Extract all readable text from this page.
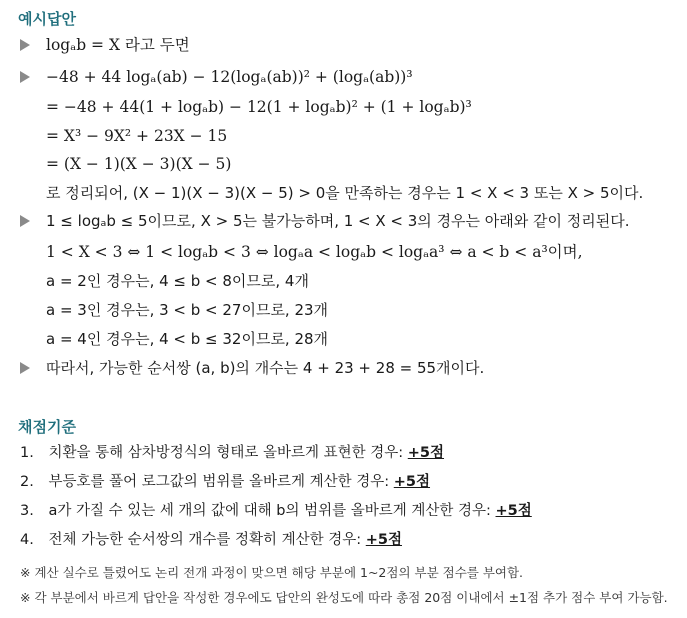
예시답안
logₐb = X 라고 두면
−48 + 44 logₐ(ab) − 12(logₐ(ab))² + (logₐ(ab))³
= −48 + 44(1 + logₐb) − 12(1 + logₐb)² + (1 + logₐb)³
= X³ − 9X² + 23X − 15
= (X − 1)(X − 3)(X − 5)
로 정리되어, (X − 1)(X − 3)(X − 5) > 0을 만족하는 경우는 1 < X < 3 또는 X > 5이다.
1 ≤ logₐb ≤ 5이므로, X > 5는 불가능하며, 1 < X < 3의 경우는 아래와 같이 정리된다.
1 < X < 3 ⇔ 1 < logₐb < 3 ⇔ logₐa < logₐb < logₐa³ ⇔ a < b < a³이며,
a = 2인 경우는, 4 ≤ b < 8이므로, 4개
a = 3인 경우는, 3 < b < 27이므로, 23개
a = 4인 경우는, 4 < b ≤ 32이므로, 28개
따라서, 가능한 순서쌍 (a, b)의 개수는 4 + 23 + 28 = 55개이다.
채점기준
1. 치환을 통해 삼차방정식의 형태로 올바르게 표현한 경우: +5점
2. 부등호를 풀어 로그값의 범위를 올바르게 계산한 경우: +5점
3. a가 가질 수 있는 세 개의 값에 대해 b의 범위를 올바르게 계산한 경우: +5점
4. 전체 가능한 순서쌍의 개수를 정확히 계산한 경우: +5점
※ 계산 실수로 틀렸어도 논리 전개 과정이 맞으면 해당 부분에 1~2점의 부분 점수를 부여함.
※ 각 부분에서 바르게 답안을 작성한 경우에도 답안의 완성도에 따라 총점 20점 이내에서 ±1점 추가 점수 부여 가능함.
